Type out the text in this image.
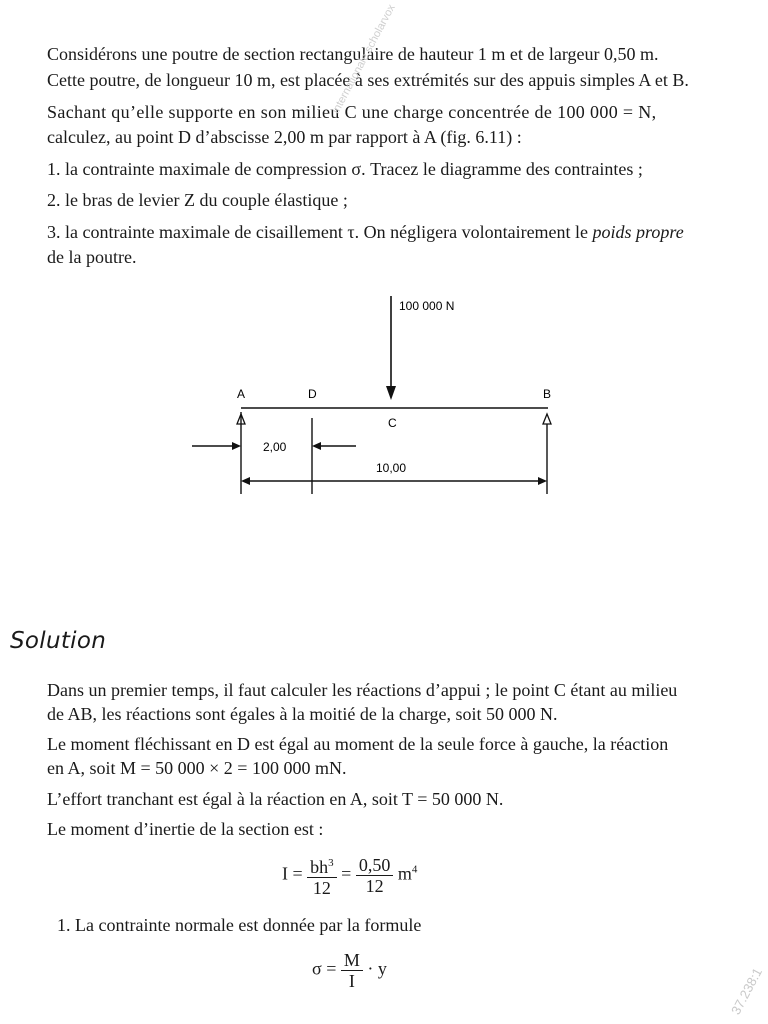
Considérons une poutre de section rectangulaire de hauteur 1 m et de largeur 0,50 m.

Cette poutre, de longueur 10 m, est placée à ses extrémités sur des appuis simples A et B.

Sachant qu’elle supporte en son milieu C une charge concentrée de 100 000 = N,

calculez, au point D d’abscisse 2,00 m par rapport à A (fig. 6.11) :

1. la contrainte maximale de compression σ. Tracez le diagramme des contraintes ;

2. le bras de levier Z du couple élastique ;

3. la contrainte maximale de cisaillement τ. On négligera volontairement le poids propre

de la poutre.

internationale.scholarvox
100 000 N
A	D	B
C
2,00
10,00
Solution

Dans un premier temps, il faut calculer les réactions d’appui ; le point C étant au milieu

de AB, les réactions sont égales à la moitié de la charge, soit 50 000 N.

Le moment fléchissant en D est égal au moment de la seule force à gauche, la réaction

en A, soit M = 50 000 × 2 = 100 000 mN.

L’effort tranchant est égal à la réaction en A, soit T = 50 000 N.

Le moment d’inertie de la section est :

$I = \frac{bh^3}{12} = \frac{0,50}{12} m^4$

1. La contrainte normale est donnée par la formule

$\sigma = \frac{M}{I} \cdot y$	37.238:1
